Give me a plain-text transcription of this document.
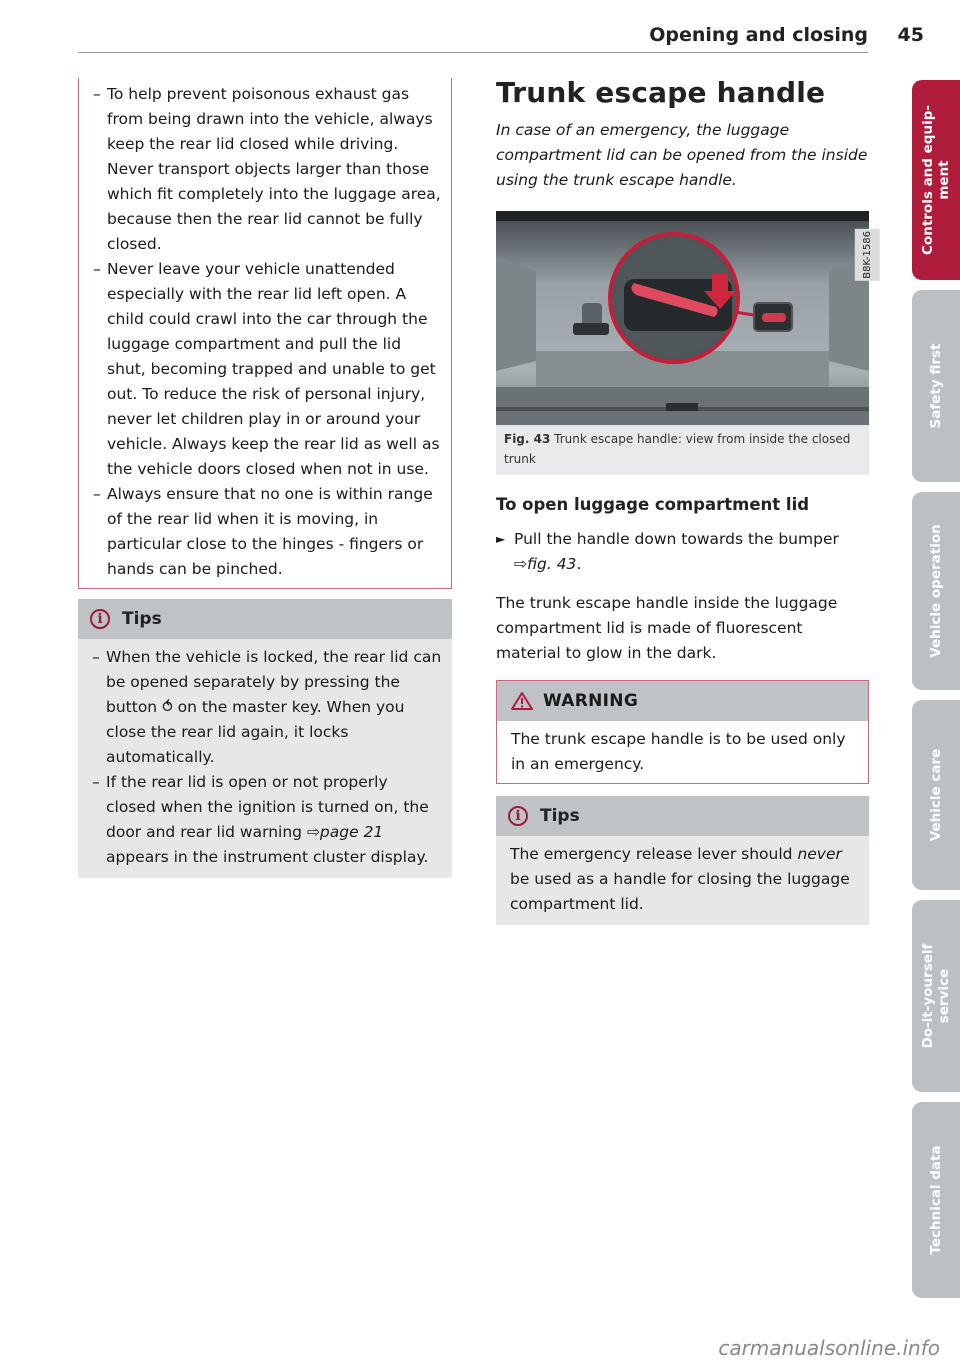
Opening and closing	45
– To help prevent poisonous exhaust gas from being drawn into the vehicle, always keep the rear lid closed while driving. Never transport objects larger than those which fit completely into the luggage area, because then the rear lid cannot be fully closed.
– Never leave your vehicle unattended especially with the rear lid left open. A child could crawl into the car through the luggage compartment and pull the lid shut, becoming trapped and unable to get out. To reduce the risk of personal injury, never let children play in or around your vehicle. Always keep the rear lid as well as the vehicle doors closed when not in use.
– Always ensure that no one is within range of the rear lid when it is moving, in particular close to the hinges - fingers or hands can be pinched.
i	Tips
– When the vehicle is locked, the rear lid can be opened separately by pressing the button ⥀ on the master key. When you close the rear lid again, it locks automatically.
– If the rear lid is open or not properly closed when the ignition is turned on, the door and rear lid warning ⇨page 21 appears in the instrument cluster display.
Trunk escape handle
In case of an emergency, the luggage compartment lid can be opened from the inside using the trunk escape handle.
B8K-1586
Fig. 43 Trunk escape handle: view from inside the closed trunk
To open luggage compartment lid
► Pull the handle down towards the bumper ⇨fig. 43.
The trunk escape handle inside the luggage compartment lid is made of fluorescent material to glow in the dark.
WARNING
The trunk escape handle is to be used only in an emergency.
i	Tips
The emergency release lever should never be used as a handle for closing the luggage compartment lid.
Controls and equip-
ment
Safety first
Vehicle operation
Vehicle care
Do-it-yourself
service
Technical data
carmanualsonline.info
